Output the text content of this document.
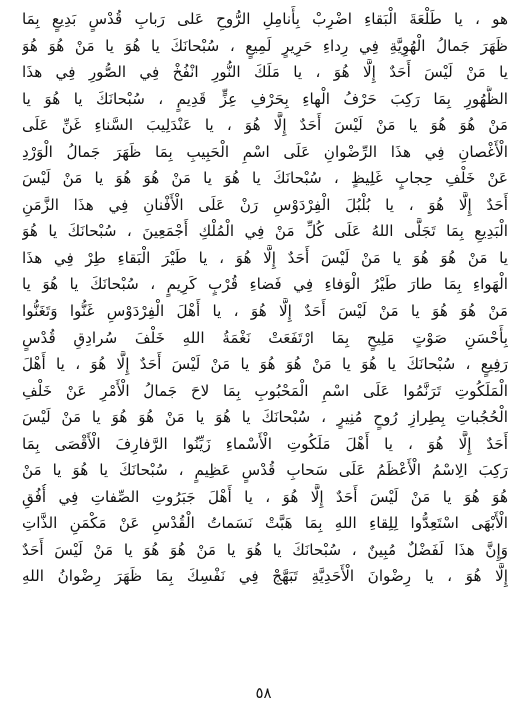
هو ، يا طَلْعَةَ الْبَقاءِ اضْرِبْ بِأَنامِلِ الرُّوحِ عَلى رَبابِ قُدْسٍ بَدِيعٍ بِمَا
ظَهَرَ جَمالُ الْهُوِيَّةِ فِي رِداءِ حَرِيرٍ لَمِيعٍ ، سُبْحانَكَ يا هُوَ يا مَنْ هُوَ هُوَ
يا مَنْ لَيْسَ أَحَدٌ إِلَّا هُوَ ، يا مَلَكَ النُّورِ انْفُخْ فِي الصُّورِ فِي هذَا
الظُّهُورِ بِمَا رَكِبَ حَرْفُ الْهاءِ بِحَرْفِ عِزٍّ قَدِيمٍ ، سُبْحانَكَ يا هُوَ يا
مَنْ هُوَ هُوَ يا مَنْ لَيْسَ أَحَدٌ إِلَّا هُوَ ، يا عَنْدَلِيبَ السَّناءِ غَنِّ عَلَى
الْأَغْصانِ فِي هذَا الرِّضْوانِ عَلَى اسْمِ الْحَبِيبِ بِمَا ظَهَرَ جَمالُ الْوَرْدِ
عَنْ خَلْفِ حِجابٍ غَلِيظٍ ، سُبْحانَكَ يا هُوَ يا مَنْ هُوَ هُوَ يا مَنْ لَيْسَ
أَحَدٌ إِلَّا هُوَ ، يا بُلْبُلَ الْفِرْدَوْسِ رَنْ عَلَى الْأَفْنانِ فِي هذَا الزَّمَنِ
الْبَدِيعِ بِمَا تَجَلَّى اللهُ عَلَى كُلِّ مَنْ فِي الْمُلْكِ أَجْمَعِينَ ، سُبْحانَكَ يا هُوَ
يا مَنْ هُوَ هُوَ يا مَنْ لَيْسَ أَحَدٌ إِلَّا هُوَ ، يا طَيْرَ الْبَقاءِ طِرْ فِي هذَا
الْهَواءِ بِمَا طارَ طَيْرُ الْوَفاءِ فِي فَضاءِ قُرْبٍ كَرِيمٍ ، سُبْحانَكَ يا هُوَ يا
مَنْ هُوَ هُوَ يا مَنْ لَيْسَ أَحَدٌ إِلَّا هُوَ ، يا أَهْلَ الْفِرْدَوْسِ غَنُّوا وَتَغَنُّوا
بِأَحْسَنِ صَوْتٍ مَلِيحٍ بِمَا ارْتَفَعَتْ نَغْمَةُ اللهِ خَلْفَ سُرادِقِ قُدْسٍ
رَفِيعٍ ، سُبْحانَكَ يا هُوَ يا مَنْ هُوَ هُوَ يا مَنْ لَيْسَ أَحَدٌ إِلَّا هُوَ ، يا أَهْلَ
الْمَلَكُوتِ تَرَنَّمُوا عَلَى اسْمِ الْمَحْبُوبِ بِمَا لاحَ جَمالُ الْأَمْرِ عَنْ خَلْفِ
الْحُجُباتِ بِطِرازِ رُوحٍ مُنِيرٍ ، سُبْحانَكَ يا هُوَ يا مَنْ هُوَ هُوَ يا مَنْ لَيْسَ
أَحَدٌ إِلَّا هُوَ ، يا أَهْلَ مَلَكُوتِ الْأَسْماءِ زَيِّنُوا الرَّفارِفَ الْأَقْصَى بِمَا
رَكِبَ الِاسْمُ الْأَعْظَمُ عَلَى سَحابِ قُدْسٍ عَظِيمٍ ، سُبْحانَكَ يا هُوَ يا مَنْ
هُوَ هُوَ يا مَنْ لَيْسَ أَحَدٌ إِلَّا هُوَ ، يا أَهْلَ جَبَرُوتِ الصِّفاتِ فِي أُفُقِ
الْأَبْهَى اسْتَعِدُّوا لِلِقاءِ اللهِ بِمَا هَبَّتْ نَسَماتُ الْقُدْسِ عَنْ مَكْمَنِ الذَّاتِ
وَإِنَّ هذَا لَفَضْلٌ مُبِينٌ ، سُبْحانَكَ يا هُوَ يا مَنْ هُوَ هُوَ يا مَنْ لَيْسَ أَحَدٌ
إِلَّا هُوَ ، يا رِضْوانَ الْأَحَدِيَّةِ تَبَهَّجْ فِي نَفْسِكَ بِمَا ظَهَرَ رِضْوانُ اللهِ
٥٨
